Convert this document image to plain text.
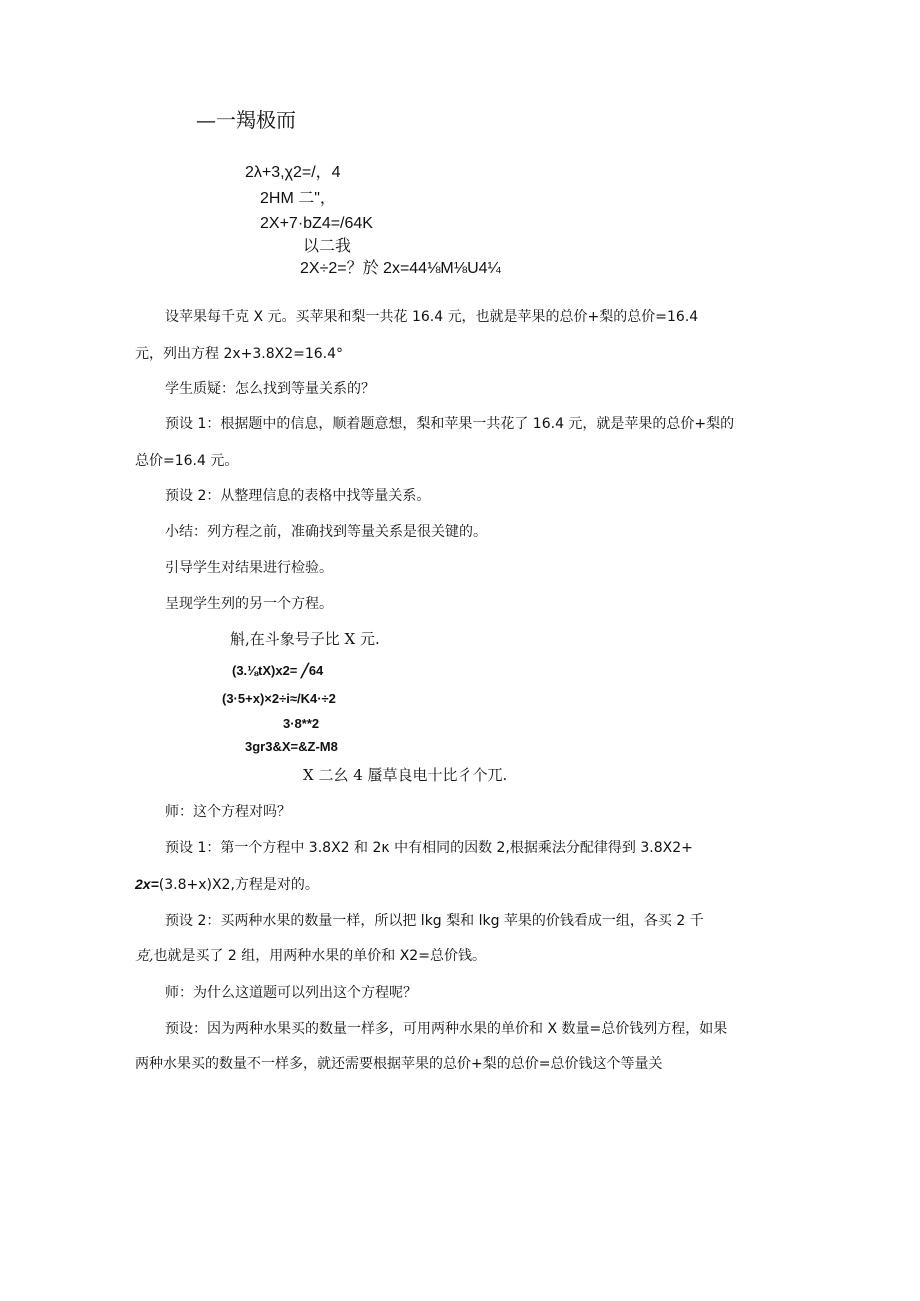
—一羯极而
2λ+3,χ2=/，4
2HM 二"，
2X+7·bZ4=/64K
以二我
2X÷2=？於 2x=44⅛M⅛U4¼
设苹果每千克 X 元。买苹果和梨一共花 16.4 元，也就是苹果的总价+梨的总价=16.4
元，列出方程 2x+3.8X2=16.4°
学生质疑：怎么找到等量关系的？
预设 1：根据题中的信息，顺着题意想，梨和苹果一共花了 16.4 元，就是苹果的总价+梨的
总价=16.4 元。
预设 2：从整理信息的表格中找等量关系。
小结：列方程之前，准确找到等量关系是很关键的。
引导学生对结果进行检验。
呈现学生列的另一个方程。
斛,在斗象号子比 X 元.
(3.⅛tX)x2= ╱64
(3·5+x)×2÷i≈/K4·÷2
3·8**2
3gr3&X=&Z-M8
X 二幺 4 蜃草良电十比彳个兀.
师：这个方程对吗？
预设 1：第一个方程中 3.8X2 和 2κ 中有相同的因数 2,根据乘法分配律得到 3.8X2+
2x=(3.8+x)X2,方程是对的。
预设 2：买两种水果的数量一样，所以把 lkg 梨和 lkg 苹果的价钱看成一组，各买 2 千
克,也就是买了 2 组，用两种水果的单价和 X2=总价钱。
师：为什么这道题可以列出这个方程呢？
预设：因为两种水果买的数量一样多，可用两种水果的单价和 X 数量=总价钱列方程，如果
两种水果买的数量不一样多，就还需要根据苹果的总价+梨的总价=总价钱这个等量关
